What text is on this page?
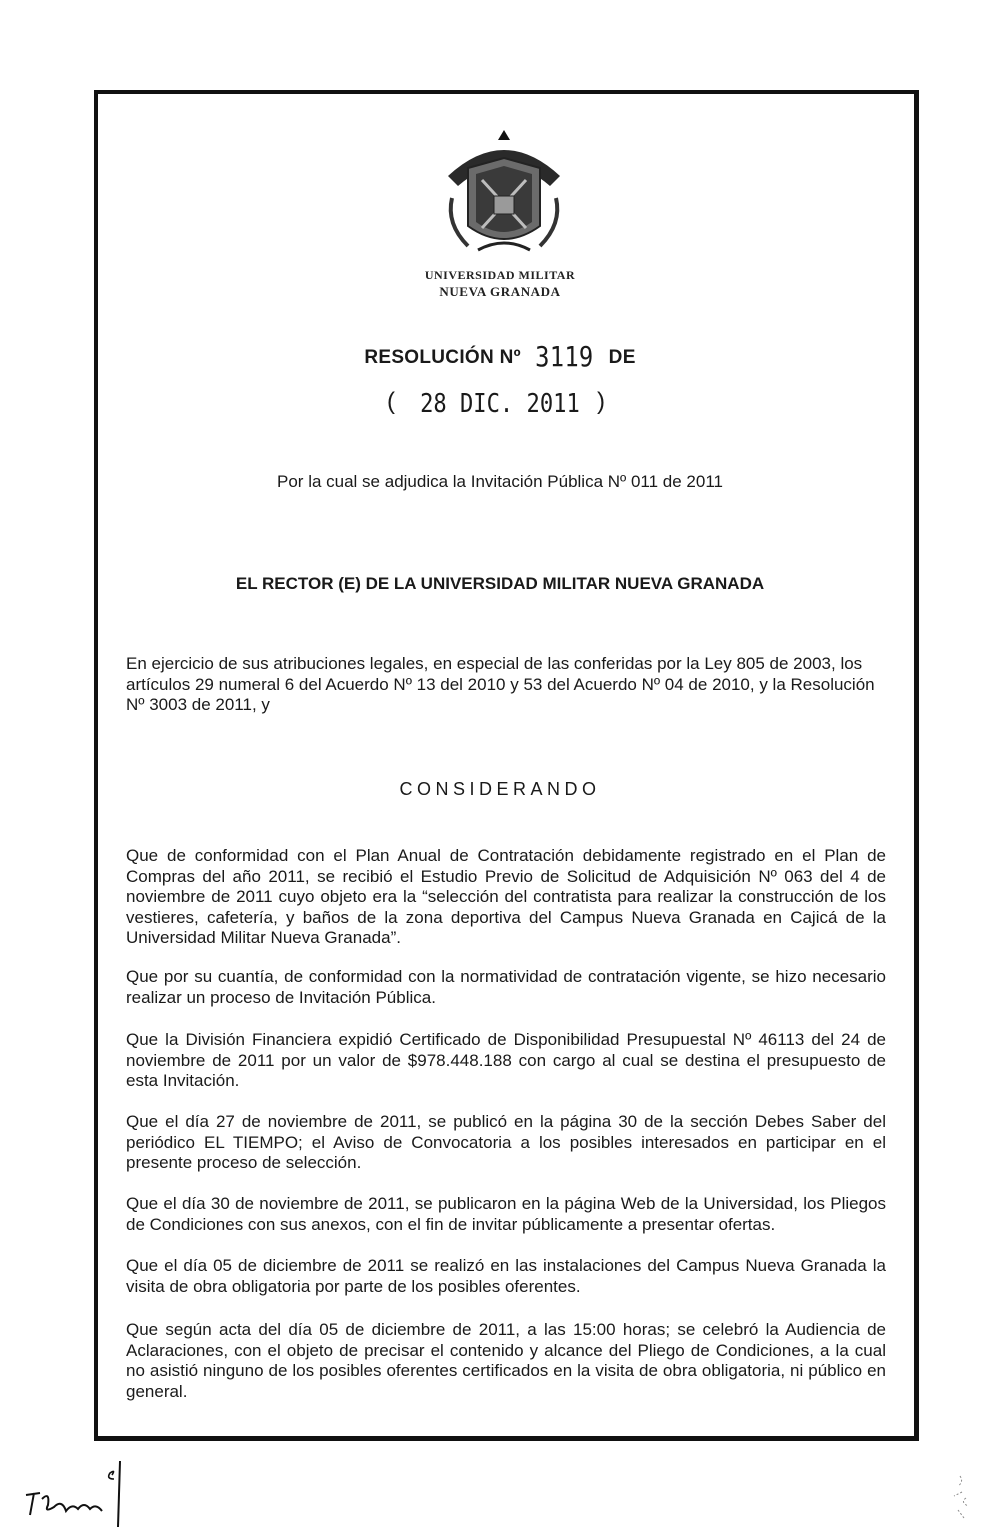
UNIVERSIDAD MILITAR
NUEVA GRANADA
RESOLUCIÓN Nº 3119 DE
( 28 DIC. 2011 )
Por la cual se adjudica la Invitación Pública Nº 011 de 2011
EL RECTOR (E) DE LA UNIVERSIDAD MILITAR NUEVA GRANADA
En ejercicio de sus atribuciones legales, en especial de las conferidas por la Ley 805 de 2003, los artículos 29 numeral 6 del Acuerdo Nº 13 del 2010 y 53 del Acuerdo Nº 04 de 2010, y la Resolución Nº 3003 de 2011, y
CONSIDERANDO
Que de conformidad con el Plan Anual de Contratación debidamente registrado en el Plan de Compras del año 2011, se recibió el Estudio Previo de Solicitud de Adquisición Nº 063 del 4 de noviembre de 2011 cuyo objeto era la “selección del contratista para realizar la construcción de los vestieres, cafetería, y baños de la zona deportiva del Campus Nueva Granada en Cajicá de la Universidad Militar Nueva Granada”.
Que por su cuantía, de conformidad con la normatividad de contratación vigente, se hizo necesario realizar un proceso de Invitación Pública.
Que la División Financiera expidió Certificado de Disponibilidad Presupuestal Nº 46113 del 24 de noviembre de 2011 por un valor de $978.448.188 con cargo al cual se destina el presupuesto de esta Invitación.
Que el día 27 de noviembre de 2011, se publicó en la página 30 de la sección Debes Saber del periódico EL TIEMPO; el Aviso de Convocatoria a los posibles interesados en participar en el presente proceso de selección.
Que el día 30 de noviembre de 2011, se publicaron en la página Web de la Universidad, los Pliegos de Condiciones con sus anexos, con el fin de invitar públicamente a presentar ofertas.
Que el día 05 de diciembre de 2011 se realizó en las instalaciones del Campus Nueva Granada la visita de obra obligatoria por parte de los posibles oferentes.
Que según acta del día 05 de diciembre de 2011, a las 15:00 horas; se celebró la Audiencia de Aclaraciones, con el objeto de precisar el contenido y alcance del Pliego de Condiciones, a la cual no asistió ninguno de los posibles oferentes certificados en la visita de obra obligatoria, ni público en general.
